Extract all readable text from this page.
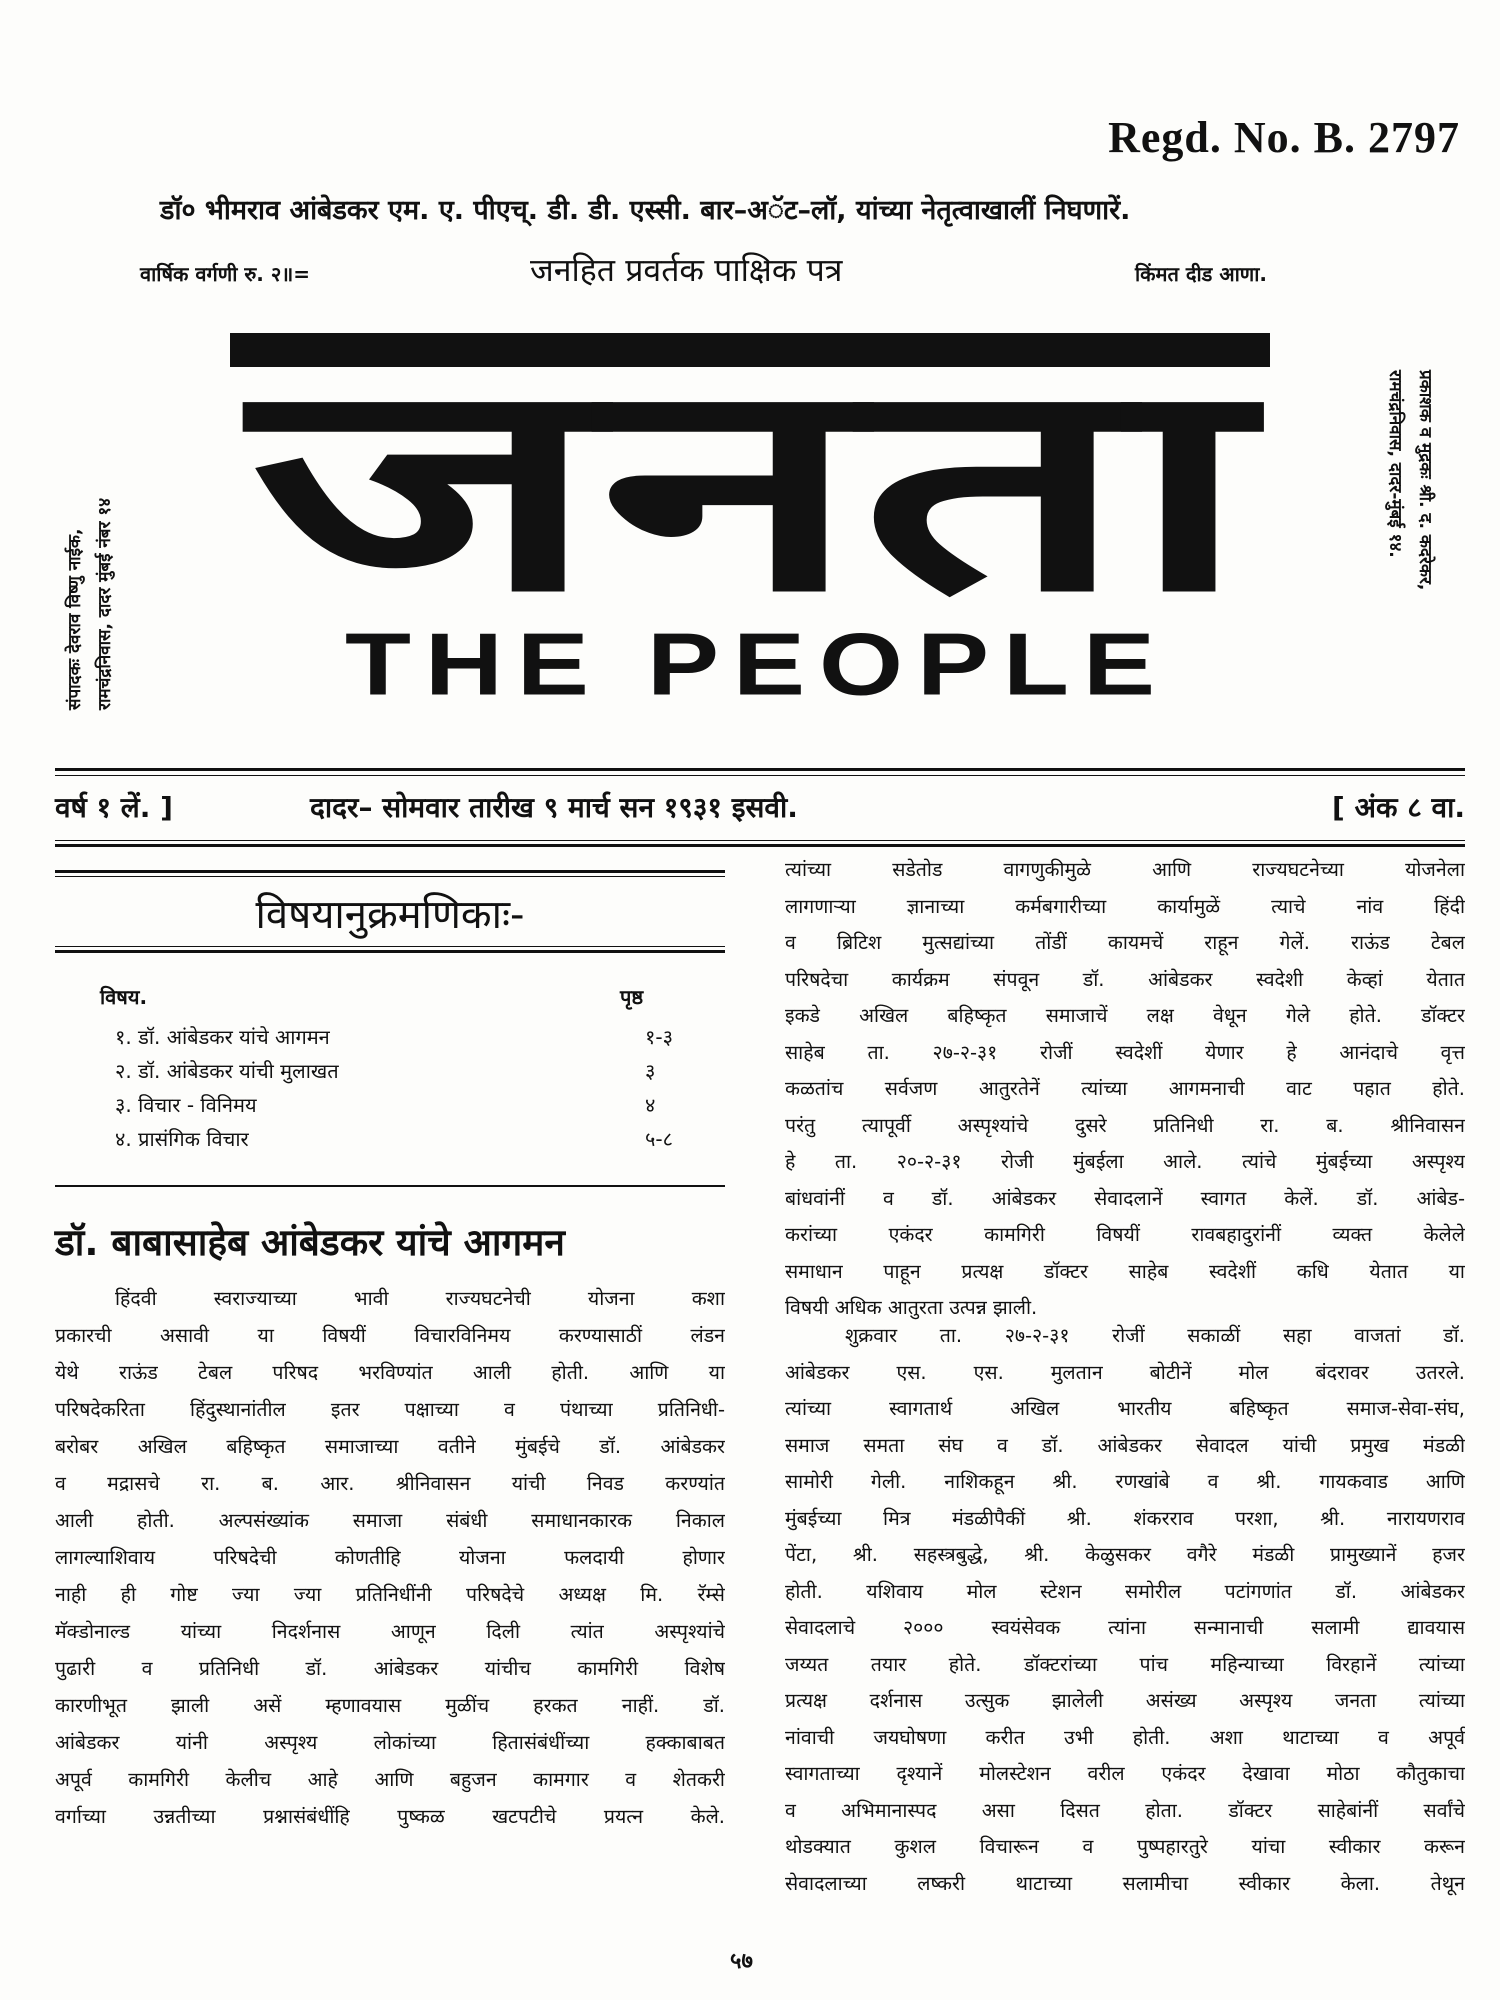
Regd. No. B. 2797
डॉ० भीमराव आंबेडकर एम. ए. पीएच्. डी. डी. एस्सी. बार–अॅट–लॉ, यांच्या नेतृत्वाखालीं निघणारें.
वार्षिक वर्गणी रु. २॥=	जनहित प्रवर्तक पाक्षिक पत्र	किंमत दीड आणा.
जनता
THE PEOPLE
संपादकः देवराव विष्णु नाईक, रामचंद्रनिवास, दादर मुंबई नंबर १४
प्रकाशक व मुद्रकः श्री. द. कदरेकर,
रामचंद्रनिवास, दादर-मुंबई १४.
वर्ष १ लें. ]	दादर– सोमवार तारीख ९ मार्च सन १९३१ इसवी.	[ अंक ८ वा.
विषयानुक्रमणिकाः-
विषय.	पृष्ठ
१. डॉ. आंबेडकर यांचे आगमन	१-३
२. डॉ. आंबेडकर यांची मुलाखत	३
३. विचार - विनिमय	४
४. प्रासंगिक विचार	५-८
डॉ. बाबासाहेब आंबेडकर यांचे आगमन
हिंदवी स्वराज्याच्या भावी राज्यघटनेची योजना कशा
प्रकारची असावी या विषयीं विचारविनिमय करण्यासाठीं लंडन
येथे राऊंड टेबल परिषद भरविण्यांत आली होती. आणि या
परिषदेकरिता हिंदुस्थानांतील इतर पक्षाच्या व पंथाच्या प्रतिनिधी-
बरोबर अखिल बहिष्कृत समाजाच्या वतीने मुंबईचे डॉ. आंबेडकर
व मद्रासचे रा. ब. आर. श्रीनिवासन यांची निवड करण्यांत
आली होती. अल्पसंख्यांक समाजा संबंधी समाधानकारक निकाल
लागल्याशिवाय परिषदेची कोणतीहि योजना फलदायी होणार
नाही ही गोष्ट ज्या ज्या प्रतिनिधींनी परिषदेचे अध्यक्ष मि. रॅम्से
मॅक्डोनाल्ड यांच्या निदर्शनास आणून दिली त्यांत अस्पृश्यांचे
पुढारी व प्रतिनिधी डॉ. आंबेडकर यांचीच कामगिरी विशेष
कारणीभूत झाली असें म्हणावयास मुळींच हरकत नाहीं. डॉ.
आंबेडकर यांनी अस्पृश्य लोकांच्या हितासंबंधींच्या हक्काबाबत
अपूर्व कामगिरी केलीच आहे आणि बहुजन कामगार व शेतकरी
वर्गाच्या उन्नतीच्या प्रश्नासंबंधींहि पुष्कळ खटपटीचे प्रयत्न केले.
त्यांच्या सडेतोड वागणुकीमुळे आणि राज्यघटनेच्या योजनेला
लागणाऱ्या ज्ञानाच्या कर्मबगारीच्या कार्यामुळें त्याचे नांव हिंदी
व ब्रिटिश मुत्सद्यांच्या तोंडीं कायमचें राहून गेलें. राऊंड टेबल
परिषदेचा कार्यक्रम संपवून डॉ. आंबेडकर स्वदेशी केव्हां येतात
इकडे अखिल बहिष्कृत समाजाचें लक्ष वेधून गेले होते. डॉक्टर
साहेब ता. २७-२-३१ रोजीं स्वदेशीं येणार हे आनंदाचे वृत्त
कळतांच सर्वजण आतुरतेनें त्यांच्या आगमनाची वाट पहात होते.
परंतु त्यापूर्वी अस्पृश्यांचे दुसरे प्रतिनिधी रा. ब. श्रीनिवासन
हे ता. २०-२-३१ रोजी मुंबईला आले. त्यांचे मुंबईच्या अस्पृश्य
बांधवांनीं व डॉ. आंबेडकर सेवादलानें स्वागत केलें. डॉ. आंबेड-
करांच्या एकंदर कामगिरी विषयीं रावबहादुरांनीं व्यक्त केलेले
समाधान पाहून प्रत्यक्ष डॉक्टर साहेब स्वदेशीं कधि येतात या
विषयी अधिक आतुरता उत्पन्न झाली.
शुक्रवार ता. २७-२-३१ रोजीं सकाळीं सहा वाजतां डॉ.
आंबेडकर एस. एस. मुलतान बोटीनें मोल बंदरावर उतरले.
त्यांच्या स्वागतार्थ अखिल भारतीय बहिष्कृत समाज-सेवा-संघ,
समाज समता संघ व डॉ. आंबेडकर सेवादल यांची प्रमुख मंडळी
सामोरी गेली. नाशिकहून श्री. रणखांबे व श्री. गायकवाड आणि
मुंबईच्या मित्र मंडळीपैकीं श्री. शंकरराव परशा, श्री. नारायणराव
पेंटा, श्री. सहस्त्रबुद्धे, श्री. केळुसकर वगैरे मंडळी प्रामुख्यानें हजर
होती. यशिवाय मोल स्टेशन समोरील पटांगणांत डॉ. आंबेडकर
सेवादलाचे २००० स्वयंसेवक त्यांना सन्मानाची सलामी द्यावयास
जय्यत तयार होते. डॉक्टरांच्या पांच महिन्याच्या विरहानें त्यांच्या
प्रत्यक्ष दर्शनास उत्सुक झालेली असंख्य अस्पृश्य जनता त्यांच्या
नांवाची जयघोषणा करीत उभी होती. अशा थाटाच्या व अपूर्व
स्वागताच्या दृश्यानें मोलस्टेशन वरील एकंदर देखावा मोठा कौतुकाचा
व अभिमानास्पद असा दिसत होता. डॉक्टर साहेबांनीं सर्वांचे
थोडक्यात कुशल विचारून व पुष्पहारतुरे यांचा स्वीकार करून
सेवादलाच्या लष्करी थाटाच्या सलामीचा स्वीकार केला. तेथून
५७
